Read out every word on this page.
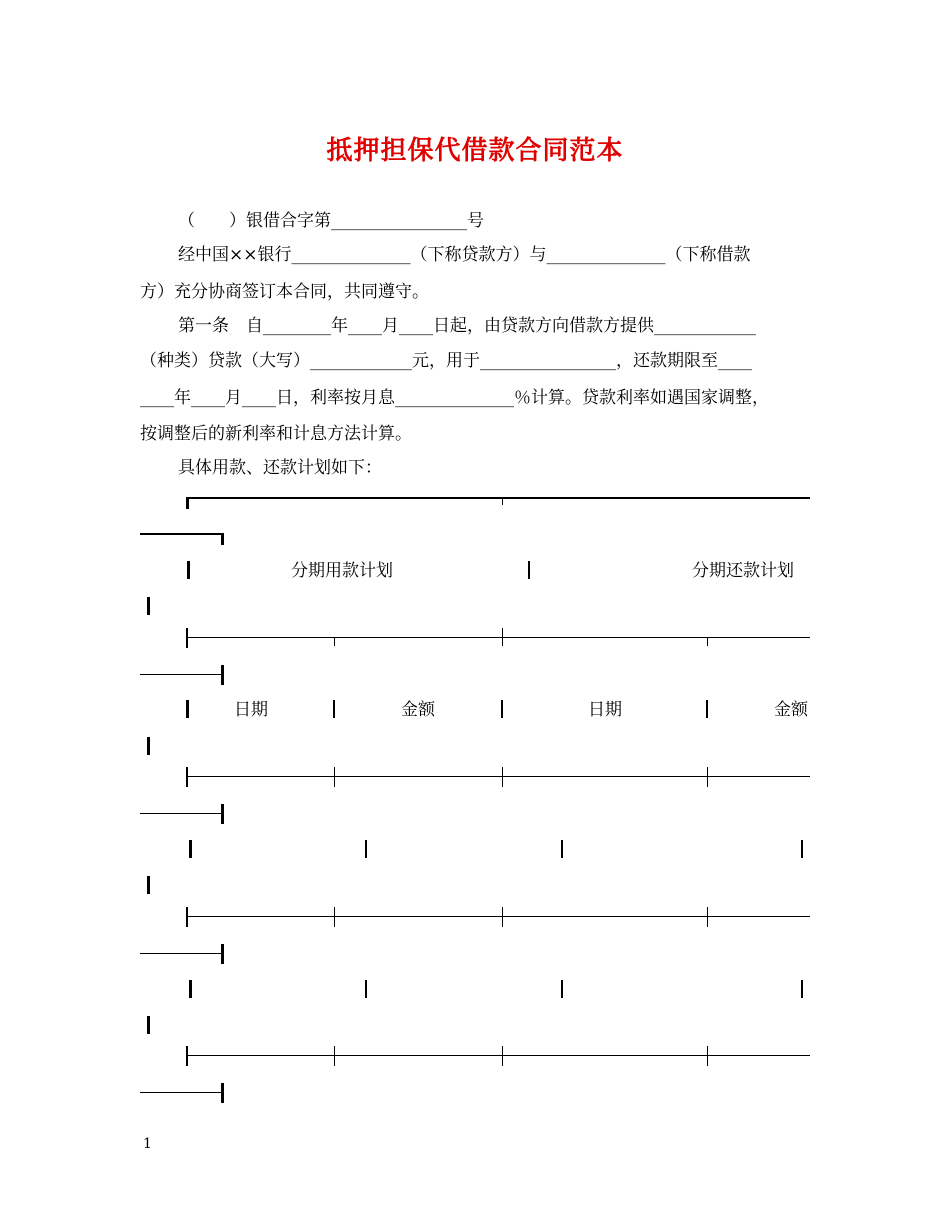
抵押担保代借款合同范本
（　　）银借合字第________________号
经中国××银行______________（下称贷款方）与______________（下称借款
方）充分协商签订本合同，共同遵守。
第一条　自________年____月____日起，由贷款方向借款方提供____________
（种类）贷款（大写）____________元，用于________________，还款期限至____
____年____月____日，利率按月息______________％计算。贷款利率如遇国家调整，
按调整后的新利率和计息方法计算。
具体用款、还款计划如下：
分期用款计划	分期还款计划
日期	金额	日期	金额
1
